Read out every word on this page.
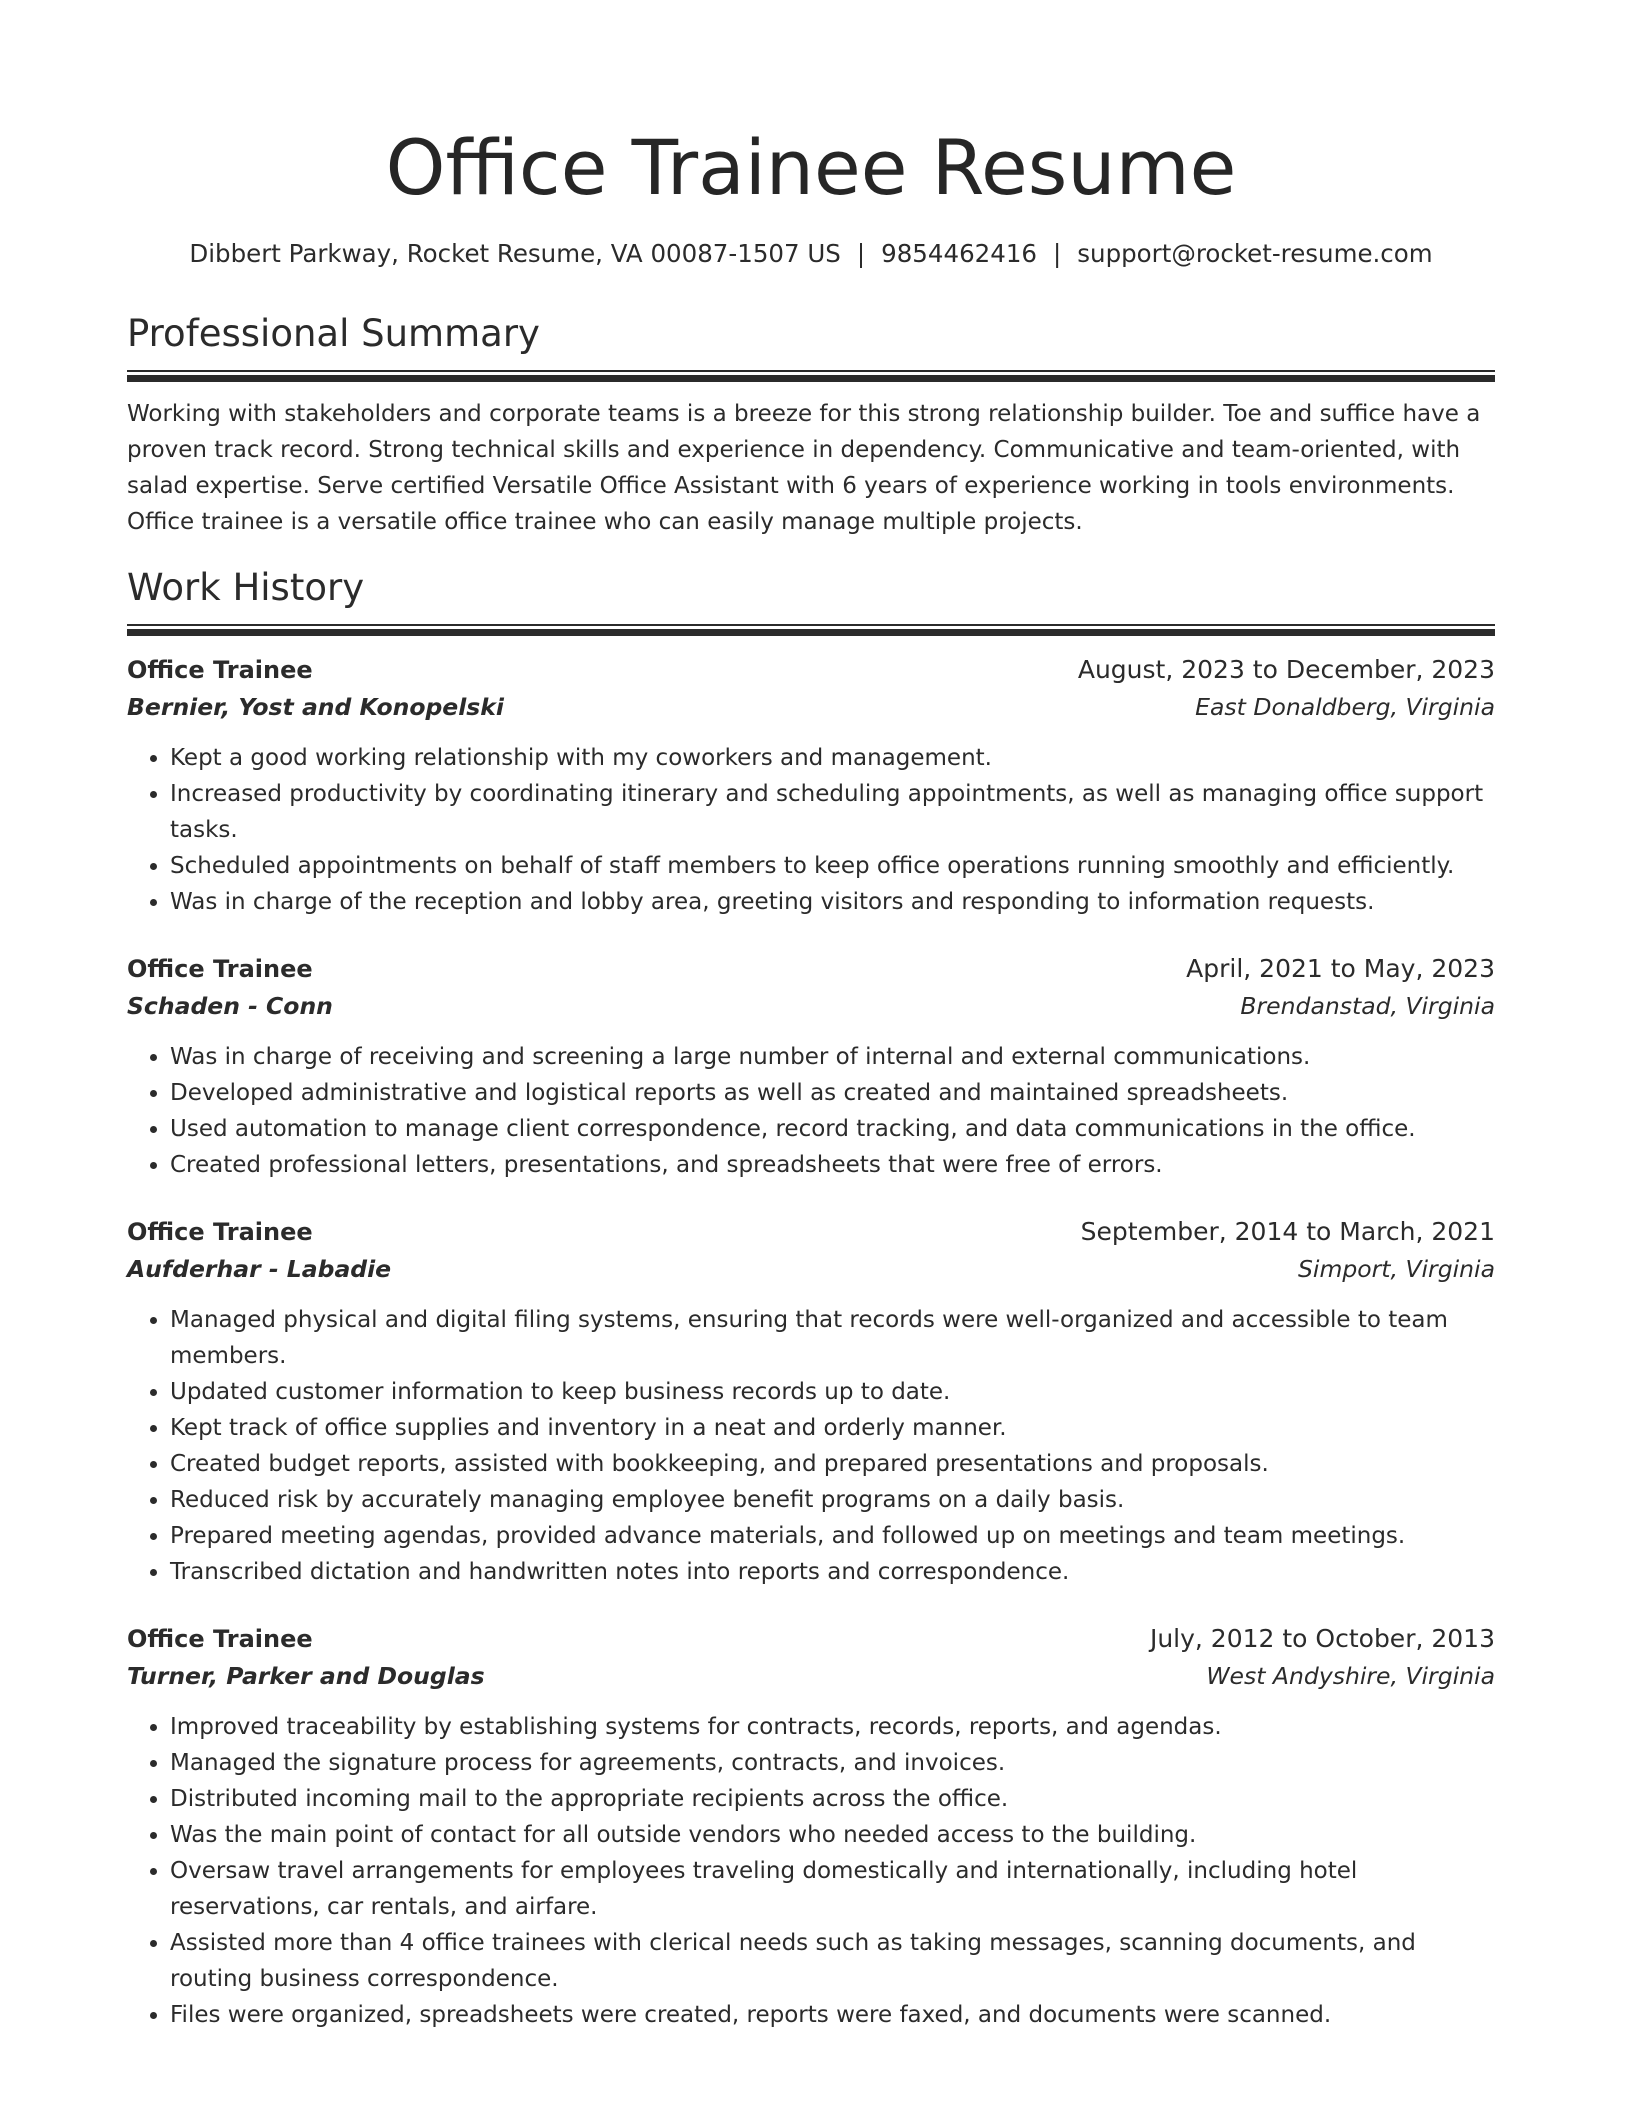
Office Trainee Resume
Dibbert Parkway, Rocket Resume, VA 00087-1507 US | 9854462416 | support@rocket-resume.com
Professional Summary

Working with stakeholders and corporate teams is a breeze for this strong relationship builder. Toe and suffice have a proven track record. Strong technical skills and experience in dependency. Communicative and team-oriented, with salad expertise. Serve certified Versatile Office Assistant with 6 years of experience working in tools environments. Office trainee is a versatile office trainee who can easily manage multiple projects.

Work History
Office Trainee	August, 2023 to December, 2023
Bernier, Yost and Konopelski	East Donaldberg, Virginia
• Kept a good working relationship with my coworkers and management.
• Increased productivity by coordinating itinerary and scheduling appointments, as well as managing office support tasks.
• Scheduled appointments on behalf of staff members to keep office operations running smoothly and efficiently.
• Was in charge of the reception and lobby area, greeting visitors and responding to information requests.
Office Trainee	April, 2021 to May, 2023
Schaden - Conn	Brendanstad, Virginia
• Was in charge of receiving and screening a large number of internal and external communications.
• Developed administrative and logistical reports as well as created and maintained spreadsheets.
• Used automation to manage client correspondence, record tracking, and data communications in the office.
• Created professional letters, presentations, and spreadsheets that were free of errors.
Office Trainee	September, 2014 to March, 2021
Aufderhar - Labadie	Simport, Virginia
• Managed physical and digital filing systems, ensuring that records were well-organized and accessible to team members.
• Updated customer information to keep business records up to date.
• Kept track of office supplies and inventory in a neat and orderly manner.
• Created budget reports, assisted with bookkeeping, and prepared presentations and proposals.
• Reduced risk by accurately managing employee benefit programs on a daily basis.
• Prepared meeting agendas, provided advance materials, and followed up on meetings and team meetings.
• Transcribed dictation and handwritten notes into reports and correspondence.
Office Trainee	July, 2012 to October, 2013
Turner, Parker and Douglas	West Andyshire, Virginia
• Improved traceability by establishing systems for contracts, records, reports, and agendas.
• Managed the signature process for agreements, contracts, and invoices.
• Distributed incoming mail to the appropriate recipients across the office.
• Was the main point of contact for all outside vendors who needed access to the building.
• Oversaw travel arrangements for employees traveling domestically and internationally, including hotel reservations, car rentals, and airfare.
• Assisted more than 4 office trainees with clerical needs such as taking messages, scanning documents, and routing business correspondence.
• Files were organized, spreadsheets were created, reports were faxed, and documents were scanned.
